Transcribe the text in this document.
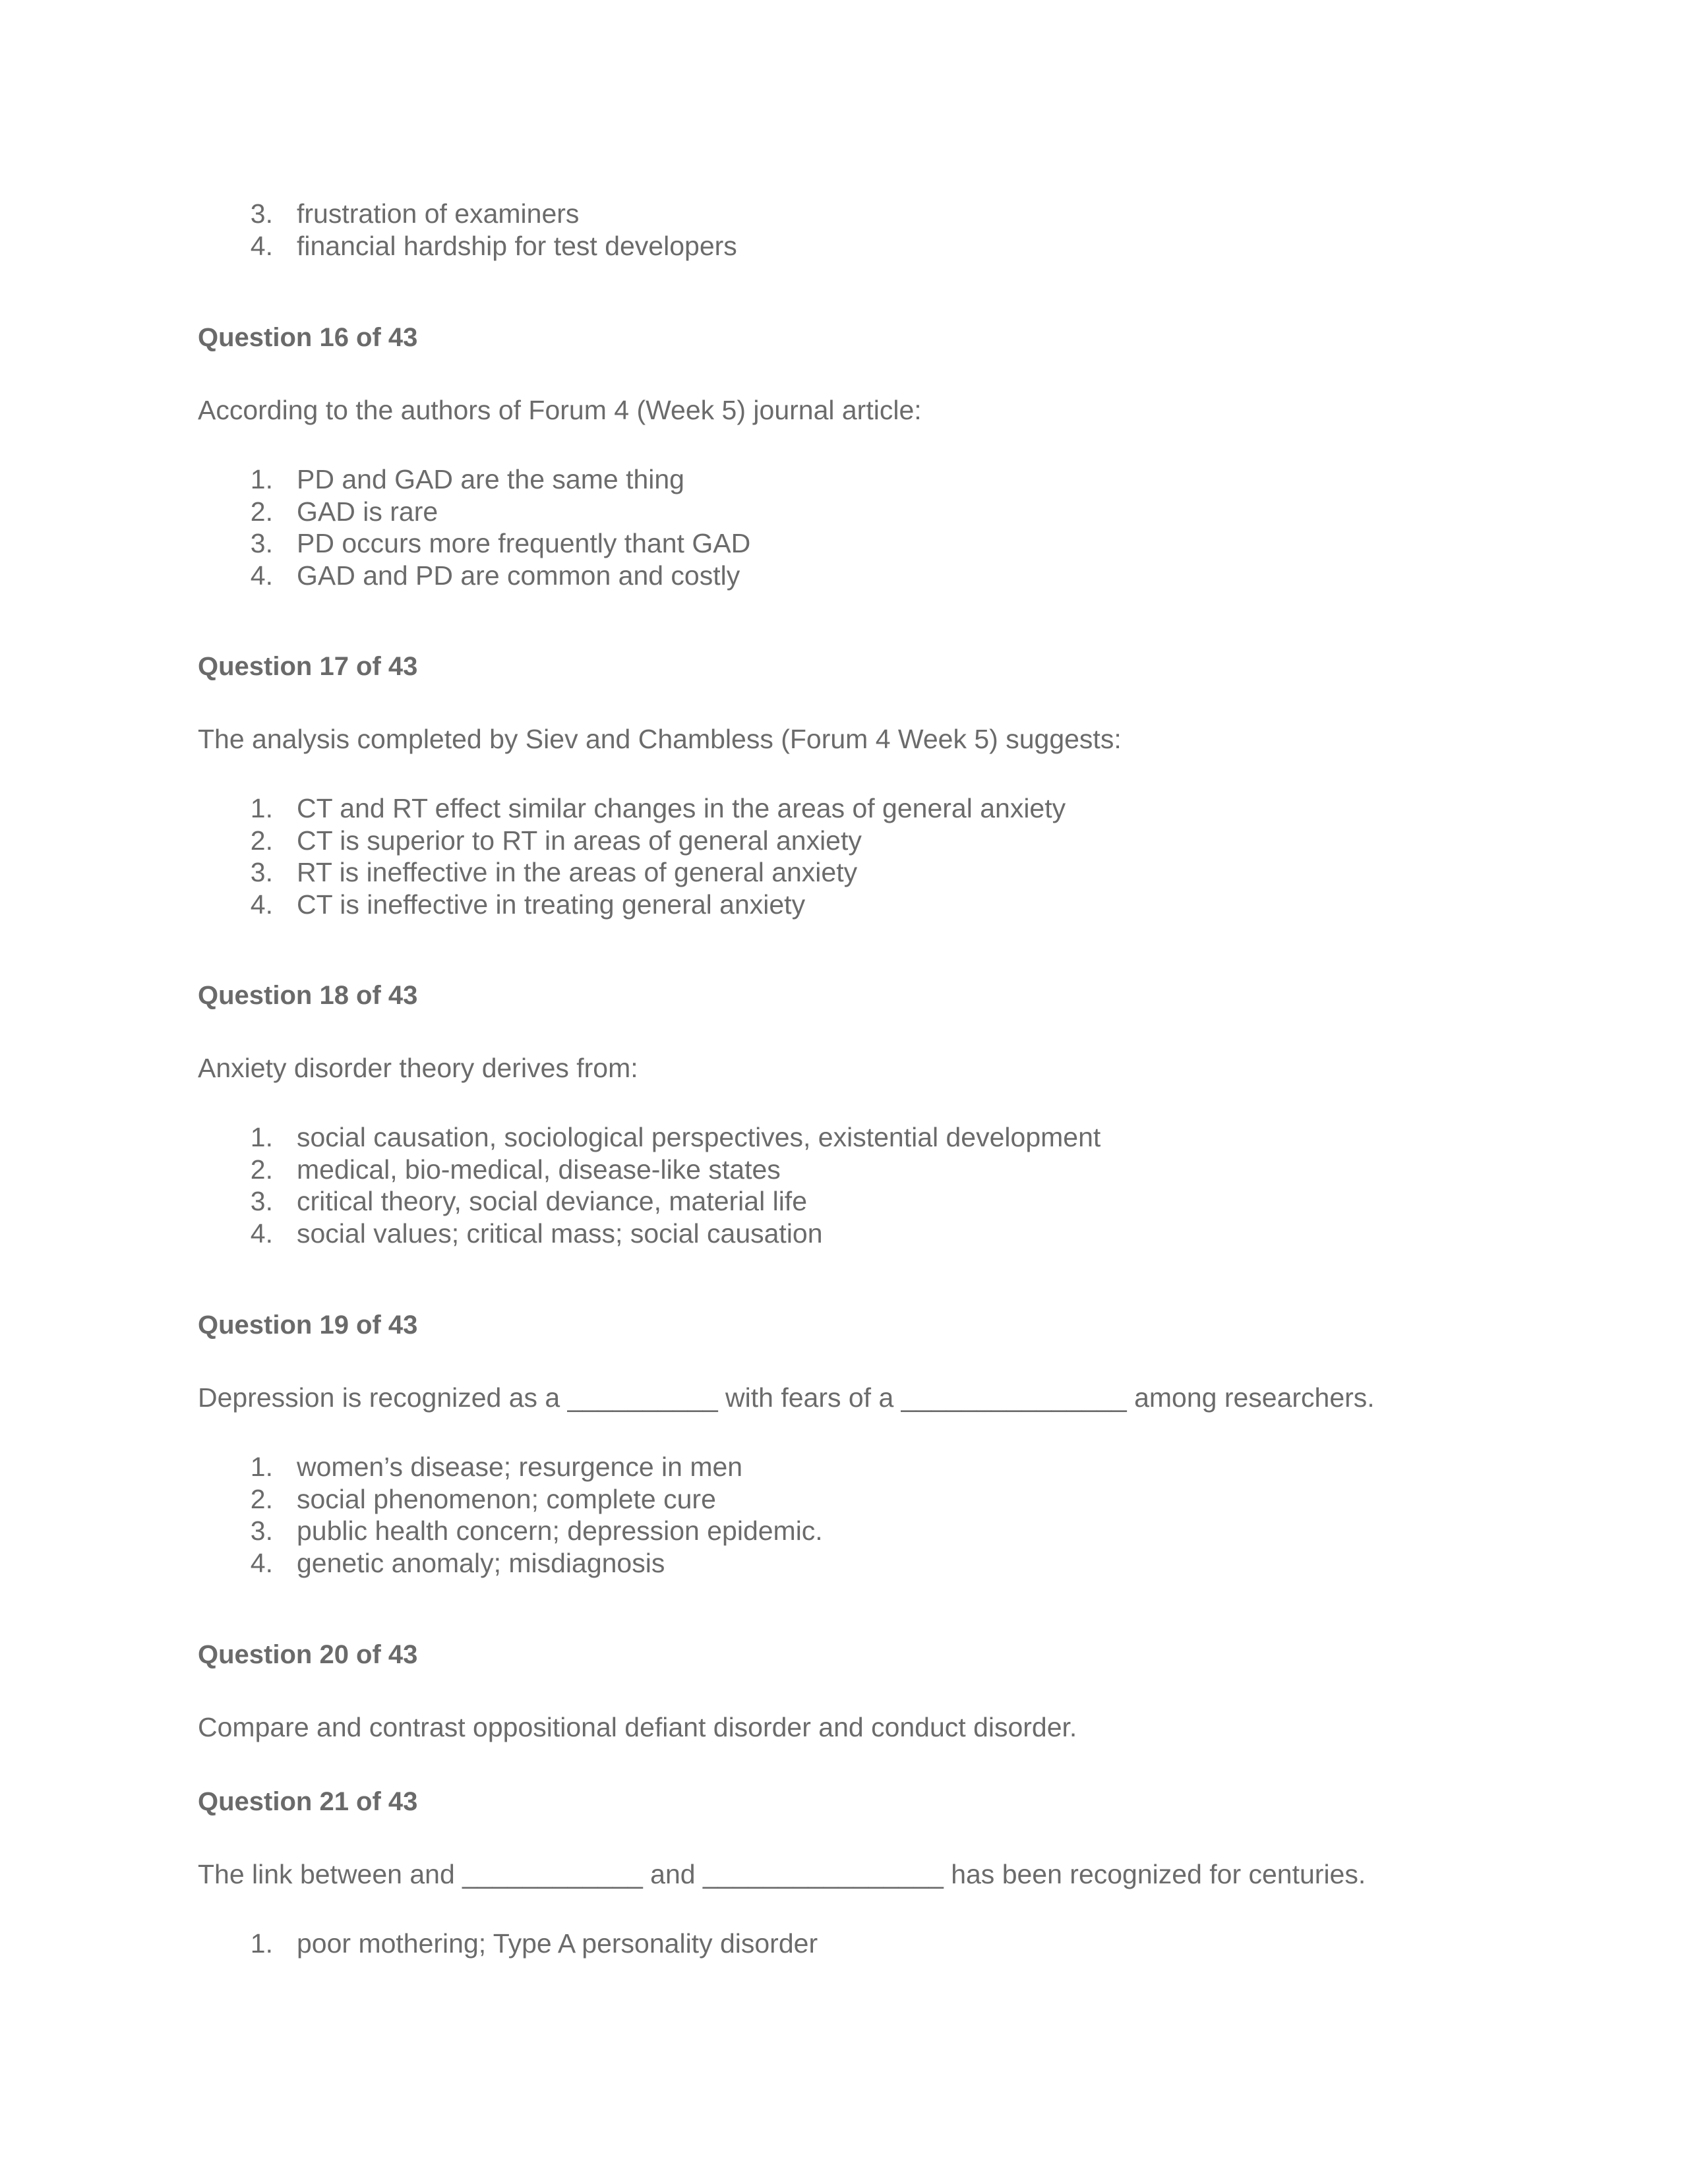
3 . frustration of examiners
4 . financial hardship for test developers
Question 16 of 43
According to the authors of Forum 4 (Week 5) journal article:
1 . PD and GAD are the same thing
2 . GAD is rare
3 . PD occurs more frequently thant GAD
4 . GAD and PD are common and costly
Question 17 of 43
The analysis completed by Siev and Chambless (Forum 4 Week 5) suggests:
1 . CT and RT effect similar changes in the areas of general anxiety
2 . CT is superior to RT in areas of general anxiety
3 . RT is ineffective in the areas of general anxiety
4 . CT is ineffective in treating general anxiety
Question 18 of 43
Anxiety disorder theory derives from:
1 . social causation, sociological perspectives, existential development
2 . medical, bio-medical, disease-like states
3 . critical theory, social deviance, material life
4 . social values; critical mass; social causation
Question 19 of 43
Depression is recognized as a __________ with fears of a _______________ among researchers.
1 . women’s disease; resurgence in men
2 . social phenomenon; complete cure
3 . public health concern; depression epidemic.
4 . genetic anomaly; misdiagnosis
Question 20 of 43
Compare and contrast oppositional defiant disorder and conduct disorder.
Question 21 of 43
The link between and ____________ and ________________ has been recognized for centuries.
1 . poor mothering; Type A personality disorder
